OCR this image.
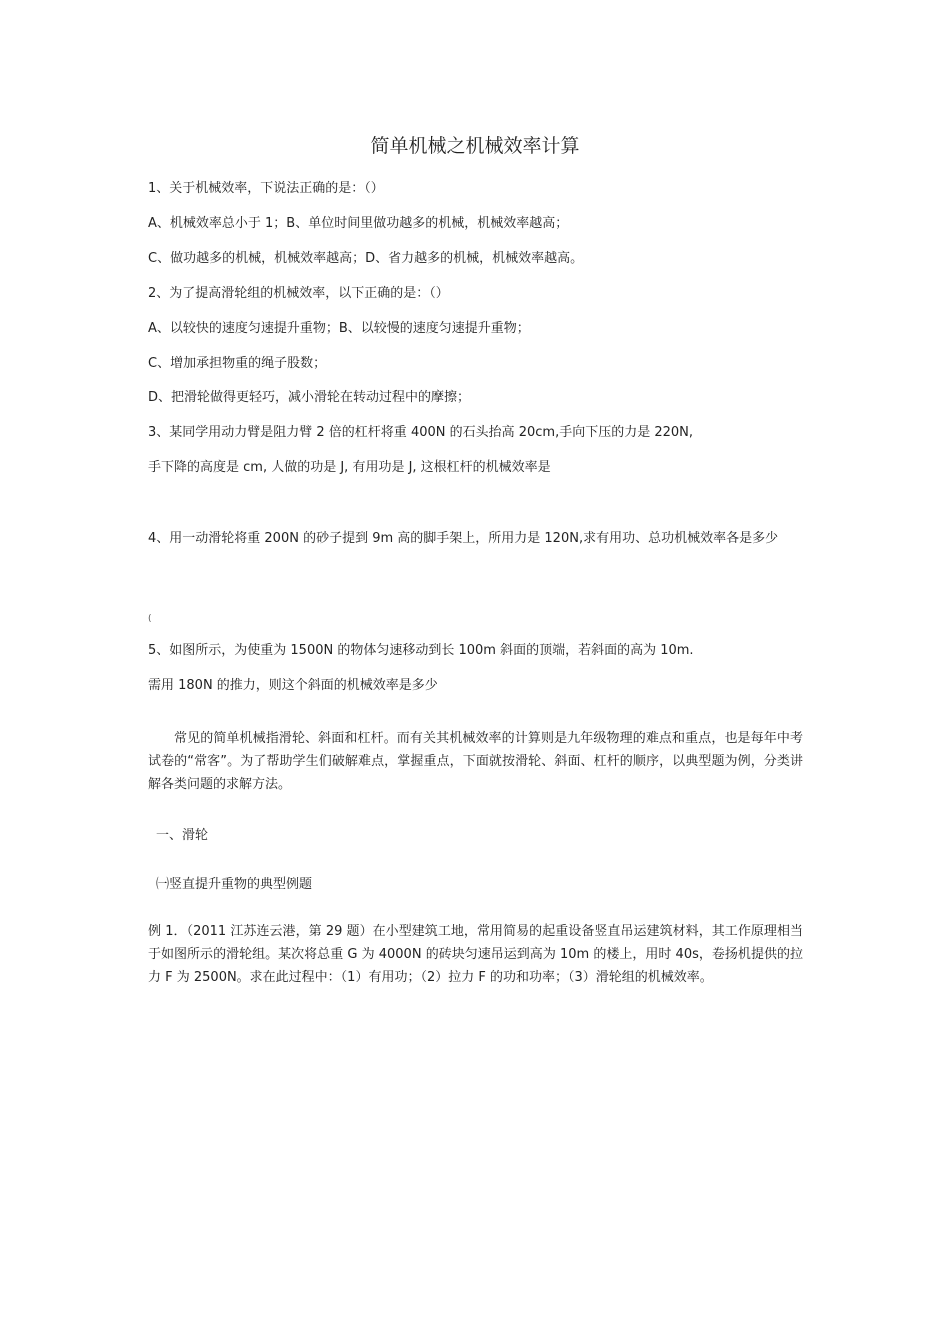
简单机械之机械效率计算
1、关于机械效率，下说法正确的是：（）
A、机械效率总小于 1；B、单位时间里做功越多的机械，机械效率越高；
C、做功越多的机械，机械效率越高；D、省力越多的机械，机械效率越高。
2、为了提高滑轮组的机械效率，以下正确的是：（）
A、以较快的速度匀速提升重物；B、以较慢的速度匀速提升重物；
C、增加承担物重的绳子股数；
D、把滑轮做得更轻巧，减小滑轮在转动过程中的摩擦；
3、某同学用动力臂是阻力臂 2 倍的杠杆将重 400N 的石头抬高 20cm,手向下压的力是 220N,
手下降的高度是 cm, 人做的功是 J, 有用功是 J, 这根杠杆的机械效率是
4、用一动滑轮将重 200N 的砂子提到 9m 高的脚手架上，所用力是 120N,求有用功、总功机械效率各是多少
(
5、如图所示，为使重为 1500N 的物体匀速移动到长 100m 斜面的顶端，若斜面的高为 10m.
需用 180N 的推力，则这个斜面的机械效率是多少
常见的简单机械指滑轮、斜面和杠杆。而有关其机械效率的计算则是九年级物理的难点和重点，也是每年中考试卷的“常客”。为了帮助学生们破解难点，掌握重点，下面就按滑轮、斜面、杠杆的顺序，以典型题为例，分类讲解各类问题的求解方法。
一、滑轮
㈠竖直提升重物的典型例题
例 1．（2011 江苏连云港，第 29 题）在小型建筑工地，常用简易的起重设备竖直吊运建筑材料，其工作原理相当于如图所示的滑轮组。某次将总重 G 为 4000N 的砖块匀速吊运到高为 10m 的楼上，用时 40s，卷扬机提供的拉力 F 为 2500N。求在此过程中：（1）有用功；（2）拉力 F 的功和功率；（3）滑轮组的机械效率。
